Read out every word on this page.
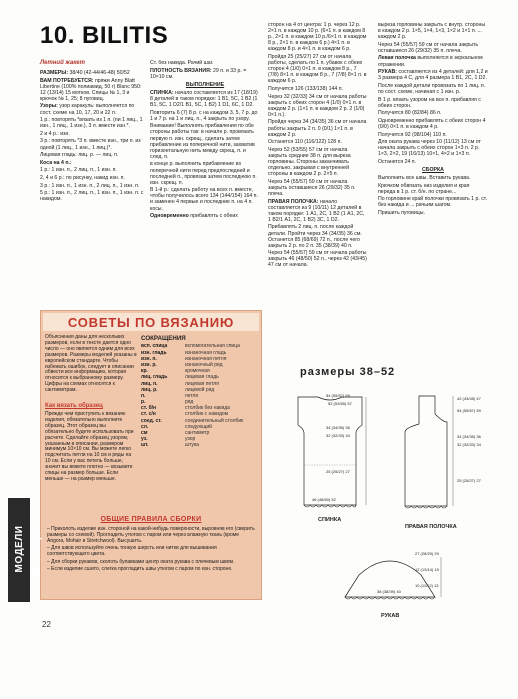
10. BILITIS
Летний жакет

РАЗМЕРЫ: 38/40 (42-44/46-48) 50/52

ВАМ ПОТРЕБУЕТСЯ: пряжи Anny Blatt Libertine (100% полиамид, 50 г) Blanc 950: 12 (13/14) 15 мотков. Спицы № 1, 3 и крючок № 1, 25; 8 пуговиц.

Узоры: узор каракуль: выполняется по сост. схеме на 10, 17, 20 и 22 п.

1 р.: повторять *вязать из 1 п. (пи 1 лиц., 1 изн., 1 лиц., 1 изн.), 3 п. вместе изн.*.

2 и 4 р.: изн.

3 р.: повторять *3 п. вместе изн., три п. из одной (1 лиц., 1 изн., 1 лиц.)*.

Лицевая гладь: лиц. р. — лиц. п.

Коса на 4 п.:

1 р.: 1 изн. п., 2 лиц. п., 1 изн. п.

2, 4 и 6 р.: по рисунку, накид изн. п.

3 р.: 1 изн. п., 1 изн. п., 2 лиц. п., 1 изн. п.

5 р.: 1 изн. п., 2 лиц. п., 1 изн. п., 1 изн. п. с накидом.

Ст. без накида. Рачий шаг.

ПЛОТНОСТЬ ВЯЗАНИЯ: 29 п. и 33 р. = 10×10 см.

ВЫПОЛНЕНИЕ

СПИНКА: начало составляется из 17 (18/19) 8 деталей в таком порядке: 1 В1, 5С, 1 В2 (1 В1, 5С, 1 D2/1 В1, 5С, 1 В2) 1 D1, 6С, 1 D2.

Повторить 6 (7) 8 р. с на каждом 3, 5, 7 р. до 1 и 7 р. на 1 и лиц. п., 4 закрыть по узору.

Внимание! Выполнять прибавления по обе стороны работы так: в начале р. провязать первую п. изн. скрещ., сделать затем прибавление из поперечной нити, захватив горизонтальную нить между скрещ. п. и след. п.

в конце р. выполнить прибавление из поперечной нити перед предпоследней и последней п., провязав затем последнюю п. изн. скрещ. п.

В 1-й р.: сделать работу на всех п. вместе, чтобы получилось всего 134 (144/154) 164 п. и заменен 4 первые и последние п. на 4 п. косы.

Одновременно прибавлять с обеих

сторон на 4 от центра: 1 р. через 12 р. 2×1 п. в каждом 10 р. (6×1 п. в каждом 8 р., 2×1 п. в каждом 10 р./6×1 п. в каждом 8 р., 2×1 п. в каждом 6 р.) 4×1 п. в каждом 8 р. и 4×1 п. в каждом 6 р.

Пройдя 25 (25/27) 27 см от начала работы, сделать по 1 п. убавок с обеих сторон 4 (1/0) 0×1 п. в каждом 8 р., 7 (7/8) 8×1 п. в каждом 8 р., 7 (7/8) 8×1 п. в каждом 6 р.

Получится 126 (133/138) 144 п.

Через 32 (32/33) 34 см от начала работы закрыть с обеих сторон 4 (1/0) 0×1 п. в каждом 2 р. (1×1 п. в каждом 2 р. 2 (1/0) 0×1 п.).

Пройдя через 34 (34/35) 36 см от начала работы закрыть 2 п. 0 (0/1) 1×1 п. в каждом 2 р.

Останется 110 (116/122) 128 п.

Через 52 (53/55) 57 см от начала закрыть средние 38 п. для выреза горловины. Стороны заканчивать отдельно, закрывая с внутренней стороны в каждом 2 р. 2×5 п.

Через 54 (55/57) 59 см от начала закрыть оставшиеся 26 (29/32) 35 п. плеча.

ПРАВАЯ ПОЛОЧКА: начало составляется из 9 (10/11) 12 деталей в таком порядке: 1 А1, 2С, 1 В2 (1 А1, 2С, 1 В2/1 А1, 2С, 1 В2) 3С, 1 D2.

Прибавлять 2 лиц. п. после каждой детали. Пройти через 34 (34/35) 36 см. Останется 85 (68/69) 72 п., после чего закрыть 2 р. по 2 п. 35 (38/39) 40 п.

Через 54 (55/57) 59 см от начала работы закрыть 46 (48/50) 52 п., через 42 (43/45) 47 см от начала.

выреза горловины закрыть с внутр. стороны в каждом 2 р. 1×5, 1×4, 1×3, 1×2 и 1×1 п. ... каждом 2 р.

Через 54 (55/57) 59 см от начала закрыть оставшиеся 26 (29/32) 35 п. плеча.

Левая полочка выполняется в зеркальном отражении.

РУКАВ: составляется из 4 деталей: для 1,2 и 3 размера 4 С, для 4 размера 1 В1, 2С, 1 D2.

После каждой детали провязать по 1 лиц. п. по сост. схеме, начиная с 1 изн. р.

В 1 р. вязать узором на все п. прибавляя с обеих сторон.

Получится 80 (82/84) 86 п.

Одновременно прибавлять с обеих сторон 4 (0/0) 0×1 п. в каждом 4 р.

Получится 92 (98/104) 110 п.

Для оката рукава через 10 (11/12) 13 см от начала закрыть с обеих сторон 1×3 п. 2 р. 1×3, 2×2, 19 (16/13) 10×1, 4×2 и 1×3 п.

Останется 24 п.

СБОРКА

Выполнить все швы. Вставить рукава.

Крючком обвязать низ изделия и края переда в 1 р. ст. б/н. по стране...

По горловине край полочки провязать 1 р. ст. без накида и ... рачьим шагом.

Пришить пуговицы.

СОВЕТЫ ПО ВЯЗАНИЮ
Объяснения даны для нескольких размеров, если в тексте дается одно число — оно является одним для всех размеров. Размеры моделей указаны в европейском стандарте. Чтобы избежать ошибок, следует в описании обвести все информацию, которая относится к выбранному размеру. Цифры на схемах относятся к сантиметрам.
Как вязать образец
Прежде чем приступить к вязанию изделия, обязательно выполните образец. Этот образец вы обязательно будете использовать при расчете. Сделайте образец узором, указанным в описании, размером минимум 10×10 см. Вы можете легко подсчитать петли на 10 см и ряды на 10 см. Если у вас петель больше, значит вы вяжете плотно — возьмите спицы на размер больше. Если меньше — на размер меньше.
СОКРАЩЕНИЯ
всп. спица	вспомогательная спица
изн. гладь	изнаночная гладь
изн. п.	изнаночная петля
изн. р.	изнаночный ряд
кр.	кромочная
лиц. гладь	лицевая гладь
лиц. п.	лицевая петля
лиц. р.	лицевой ряд
п.	петля
р.	ряд
ст. б/н	столбик без накида
ст. с/н	столбик с накидом
соед. ст.	соединительный столбик
сл.	следующий
см	сантиметр
уз.	узор
шт.	штука
ОБЩИЕ ПРАВИЛА СБОРКИ

– Приколоть изделие изн. стороной на какой-нибудь поверхности, выровняв его (сверить размеры со схемой). Прогладить утюгом с паром или через влажную ткань (кроме Angora, Mohair и Stretchwool). Высушить.

– Для швов используйте очень тонкую шерсть или нитки для вышивания соответствующего цвета.

– Для сборки рукавов, сколоть булавками центр оката рукава с плечевым швом.

– Если изделие сшито, слегка прогладить швы утюгом с паром по изн. стороне.

МОДЕЛИ ФРАНЦИИ
22
размеры 38–52
54 (55/57) 59
52 (53/55) 57
34 (34/35) 36
32 (32/33) 34
25 (25/27) 27
46 (48/50) 52
СПИНКА
42 (43/45) 47
54 (55/57) 59
34 (34/35) 36
32 (32/33) 34
25 (25/27) 27
ПРАВАЯ ПОЛОЧКА
27 (28/29) 29
12 (13/14) 15
10 (11/12) 13
38 (38/39) 40
РУКАВ
